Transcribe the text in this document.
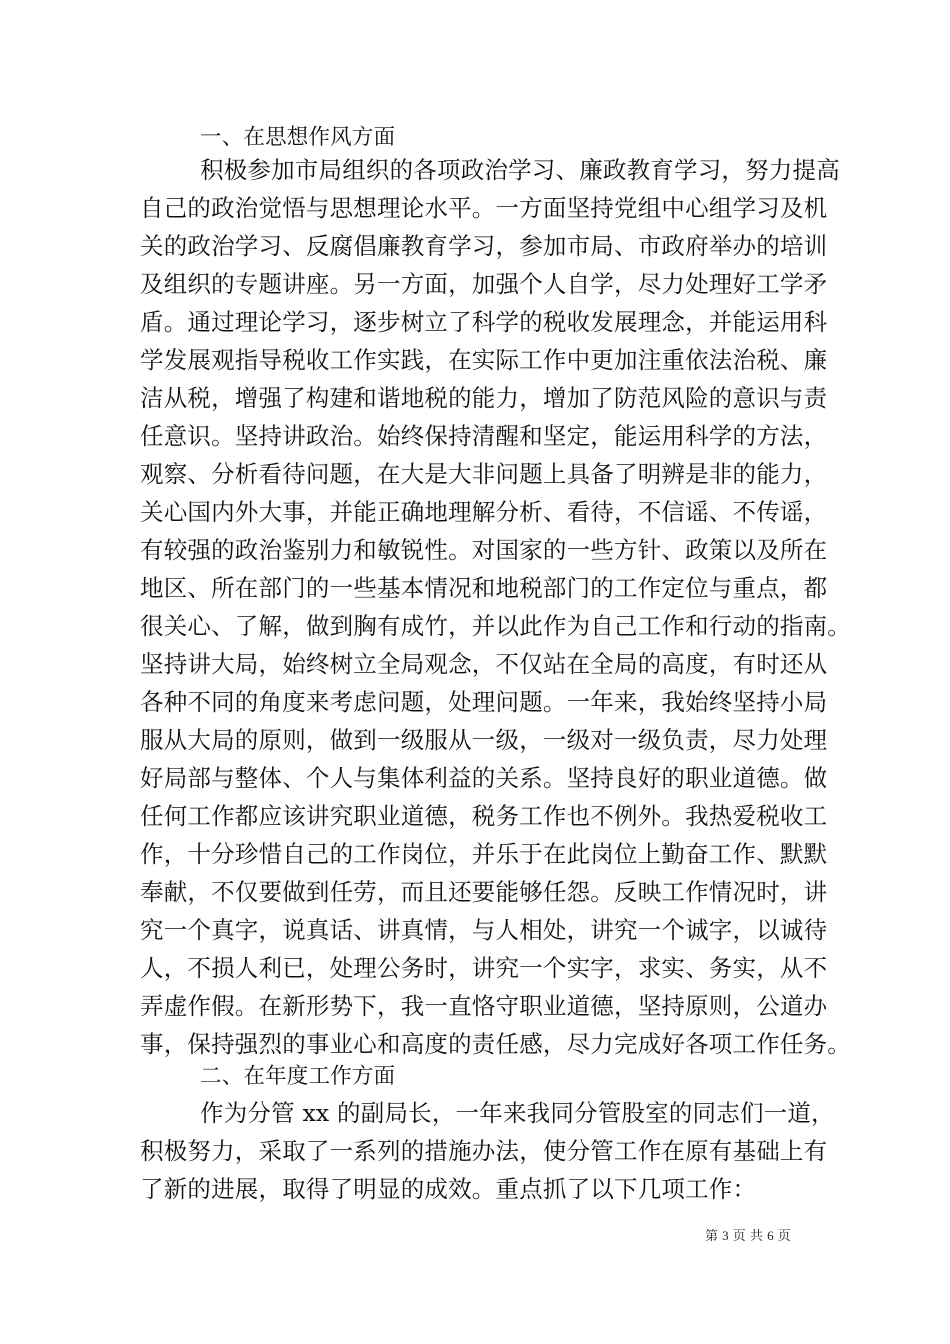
一、在思想作风方面
积极参加市局组织的各项政治学习、廉政教育学习，努力提高
自己的政治觉悟与思想理论水平。一方面坚持党组中心组学习及机
关的政治学习、反腐倡廉教育学习，参加市局、市政府举办的培训
及组织的专题讲座。另一方面，加强个人自学，尽力处理好工学矛
盾。通过理论学习，逐步树立了科学的税收发展理念，并能运用科
学发展观指导税收工作实践，在实际工作中更加注重依法治税、廉
洁从税，增强了构建和谐地税的能力，增加了防范风险的意识与责
任意识。坚持讲政治。始终保持清醒和坚定，能运用科学的方法，
观察、分析看待问题，在大是大非问题上具备了明辨是非的能力，
关心国内外大事，并能正确地理解分析、看待，不信谣、不传谣，
有较强的政治鉴别力和敏锐性。对国家的一些方针、政策以及所在
地区、所在部门的一些基本情况和地税部门的工作定位与重点，都
很关心、了解，做到胸有成竹，并以此作为自己工作和行动的指南。
坚持讲大局，始终树立全局观念，不仅站在全局的高度，有时还从
各种不同的角度来考虑问题，处理问题。一年来，我始终坚持小局
服从大局的原则，做到一级服从一级，一级对一级负责，尽力处理
好局部与整体、个人与集体利益的关系。坚持良好的职业道德。做
任何工作都应该讲究职业道德，税务工作也不例外。我热爱税收工
作，十分珍惜自己的工作岗位，并乐于在此岗位上勤奋工作、默默
奉献，不仅要做到任劳，而且还要能够任怨。反映工作情况时，讲
究一个真字，说真话、讲真情，与人相处，讲究一个诚字，以诚待
人，不损人利已，处理公务时，讲究一个实字，求实、务实，从不
弄虚作假。在新形势下，我一直恪守职业道德，坚持原则，公道办
事，保持强烈的事业心和高度的责任感，尽力完成好各项工作任务。
二、在年度工作方面
作为分管 xx 的副局长，一年来我同分管股室的同志们一道，
积极努力，采取了一系列的措施办法，使分管工作在原有基础上有
了新的进展，取得了明显的成效。重点抓了以下几项工作：
第 3 页 共 6 页
